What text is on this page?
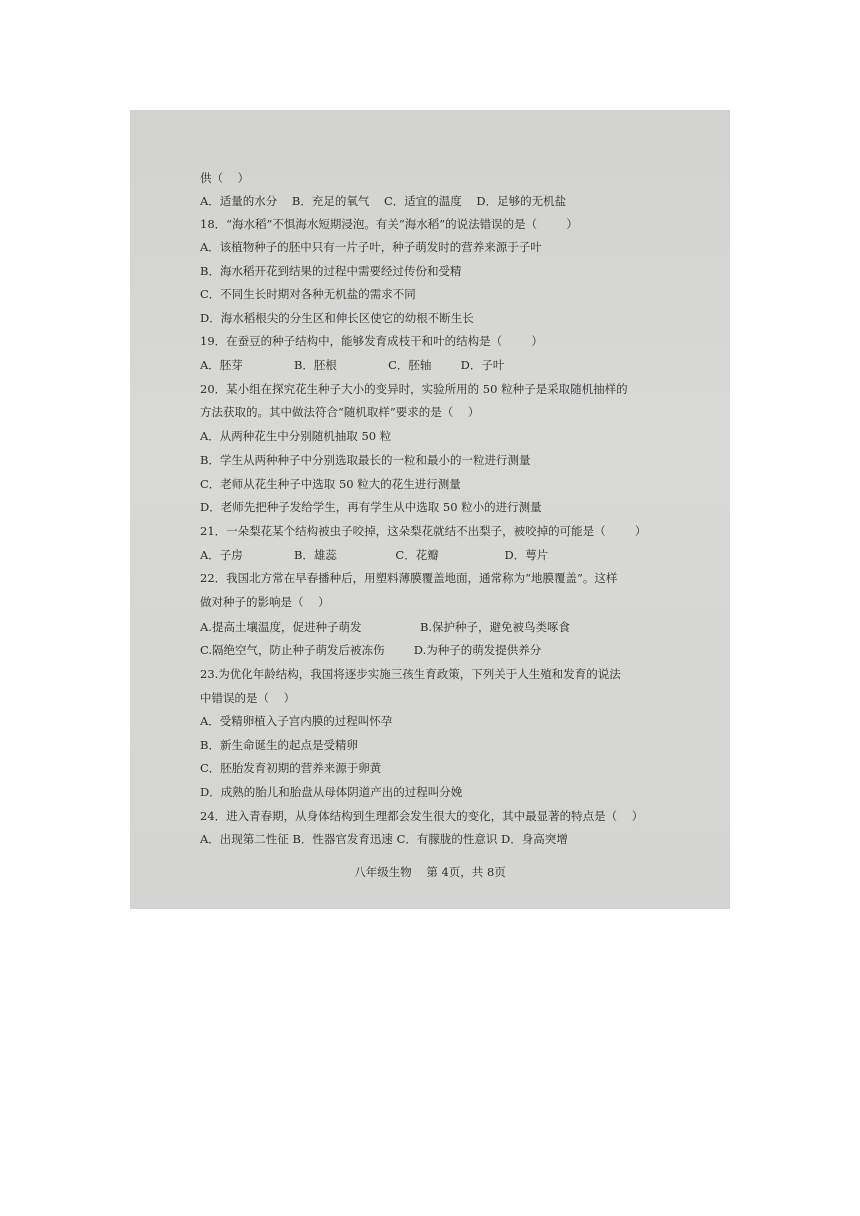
供（    ）
A．适量的水分    B．充足的氧气    C．适宜的温度    D．足够的无机盐
18．“海水稻”不惧海水短期浸泡。有关“海水稻”的说法错误的是（        ）
A．该植物种子的胚中只有一片子叶，种子萌发时的营养来源于子叶
B．海水稻开花到结果的过程中需要经过传份和受精
C．不同生长时期对各种无机盐的需求不同
D．海水稻根尖的分生区和伸长区使它的幼根不断生长
19．在蚕豆的种子结构中，能够发育成枝干和叶的结构是（        ）
A．胚芽              B．胚根              C．胚轴        D．子叶
20．某小组在探究花生种子大小的变异时，实验所用的 50 粒种子是采取随机抽样的
方法获取的。其中做法符合“随机取样”要求的是（    ）
A．从两种花生中分别随机抽取 50 粒
B．学生从两种种子中分别选取最长的一粒和最小的一粒进行测量
C．老师从花生种子中选取 50 粒大的花生进行测量
D．老师先把种子发给学生，再有学生从中选取 50 粒小的进行测量
21．一朵梨花某个结构被虫子咬掉，这朵梨花就结不出梨子，被咬掉的可能是（        ）
A．子房              B．雄蕊                C．花瓣                  D．萼片
22．我国北方常在早春播种后，用塑料薄膜覆盖地面，通常称为“地膜覆盖”。这样
做对种子的影响是（    ）
A.提高土壤温度，促进种子萌发                B.保护种子，避免被鸟类啄食
C.隔绝空气，防止种子萌发后被冻伤        D.为种子的萌发提供养分
23.为优化年龄结构，我国将逐步实施三孩生育政策，下列关于人生殖和发育的说法
中错误的是（    ）
A．受精卵植入子宫内膜的过程叫怀孕
B．新生命诞生的起点是受精卵
C．胚胎发育初期的营养来源于卵黄
D．成熟的胎儿和胎盘从母体阴道产出的过程叫分娩
24．进入青春期，从身体结构到生理都会发生很大的变化，其中最显著的特点是（    ）
A．出现第二性征 B．性器官发育迅速 C．有朦胧的性意识 D．身高突增
八年级生物    第 4页，共 8页
